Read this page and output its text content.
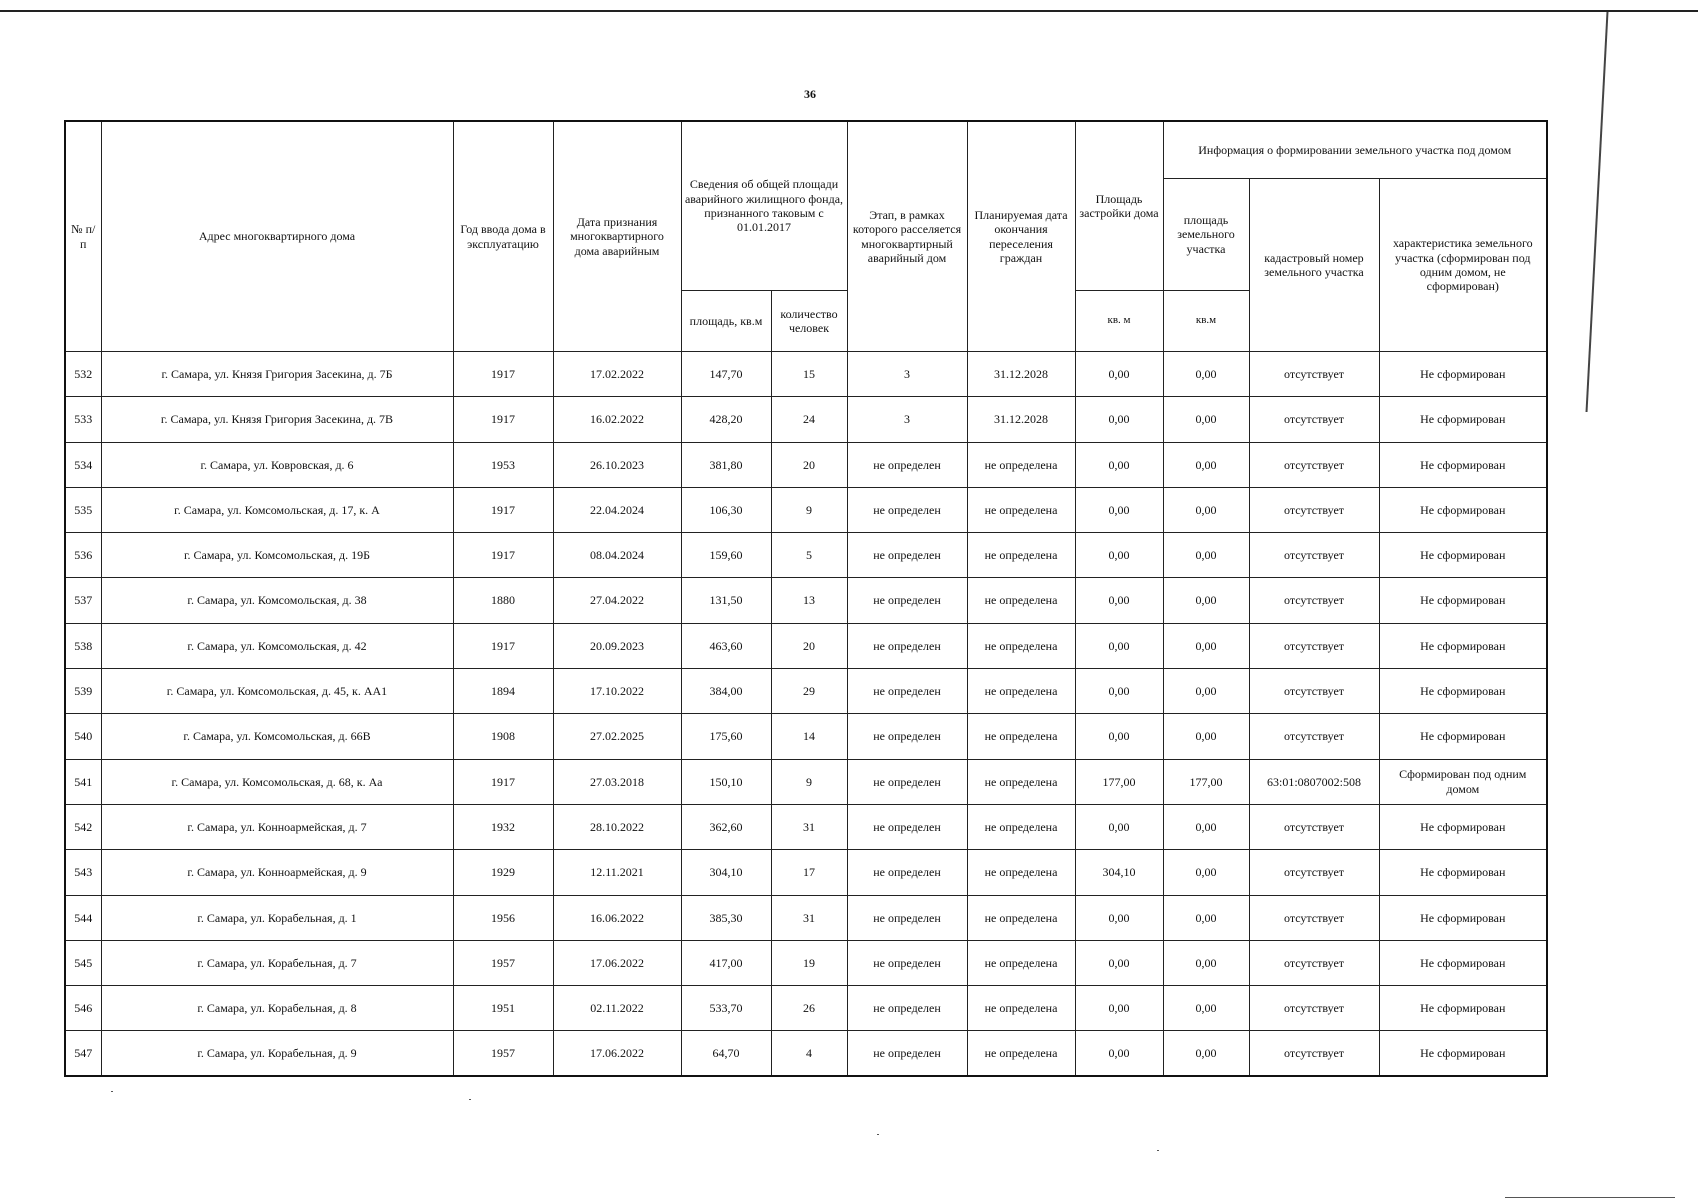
36
№ п/п	Адрес многоквартирного дома	Год ввода дома в эксплуатацию	Дата признания многоквартирного дома аварийным	Сведения об общей площади аварийного жилищного фонда, признанного таковым с 01.01.2017		Этап, в рамках которого расселяется многоквартирный аварийный дом	Планируемая дата окончания переселения граждан	Площадь застройки дома	Информация о формировании земельного участка под домом		
									площадь земельного участка	кадастровый номер земельного участка	характеристика земельного участка (сформирован под одним домом, не сформирован)
				площадь, кв.м	количество человек			кв. м	кв.м		
532	г. Самара, ул. Князя Григория Засекина, д. 7Б	1917	17.02.2022	147,70	15	3	31.12.2028	0,00	0,00	отсутствует	Не сформирован
533	г. Самара, ул. Князя Григория Засекина, д. 7В	1917	16.02.2022	428,20	24	3	31.12.2028	0,00	0,00	отсутствует	Не сформирован
534	г. Самара, ул. Ковровская, д. 6	1953	26.10.2023	381,80	20	не определен	не определена	0,00	0,00	отсутствует	Не сформирован
535	г. Самара, ул. Комсомольская, д. 17, к. А	1917	22.04.2024	106,30	9	не определен	не определена	0,00	0,00	отсутствует	Не сформирован
536	г. Самара, ул. Комсомольская, д. 19Б	1917	08.04.2024	159,60	5	не определен	не определена	0,00	0,00	отсутствует	Не сформирован
537	г. Самара, ул. Комсомольская, д. 38	1880	27.04.2022	131,50	13	не определен	не определена	0,00	0,00	отсутствует	Не сформирован
538	г. Самара, ул. Комсомольская, д. 42	1917	20.09.2023	463,60	20	не определен	не определена	0,00	0,00	отсутствует	Не сформирован
539	г. Самара, ул. Комсомольская, д. 45, к. АА1	1894	17.10.2022	384,00	29	не определен	не определена	0,00	0,00	отсутствует	Не сформирован
540	г. Самара, ул. Комсомольская, д. 66В	1908	27.02.2025	175,60	14	не определен	не определена	0,00	0,00	отсутствует	Не сформирован
541	г. Самара, ул. Комсомольская, д. 68, к. Аа	1917	27.03.2018	150,10	9	не определен	не определена	177,00	177,00	63:01:0807002:508	Сформирован под одним домом
542	г. Самара, ул. Конноармейская, д. 7	1932	28.10.2022	362,60	31	не определен	не определена	0,00	0,00	отсутствует	Не сформирован
543	г. Самара, ул. Конноармейская, д. 9	1929	12.11.2021	304,10	17	не определен	не определена	304,10	0,00	отсутствует	Не сформирован
544	г. Самара, ул. Корабельная, д. 1	1956	16.06.2022	385,30	31	не определен	не определена	0,00	0,00	отсутствует	Не сформирован
545	г. Самара, ул. Корабельная, д. 7	1957	17.06.2022	417,00	19	не определен	не определена	0,00	0,00	отсутствует	Не сформирован
546	г. Самара, ул. Корабельная, д. 8	1951	02.11.2022	533,70	26	не определен	не определена	0,00	0,00	отсутствует	Не сформирован
547	г. Самара, ул. Корабельная, д. 9	1957	17.06.2022	64,70	4	не определен	не определена	0,00	0,00	отсутствует	Не сформирован
